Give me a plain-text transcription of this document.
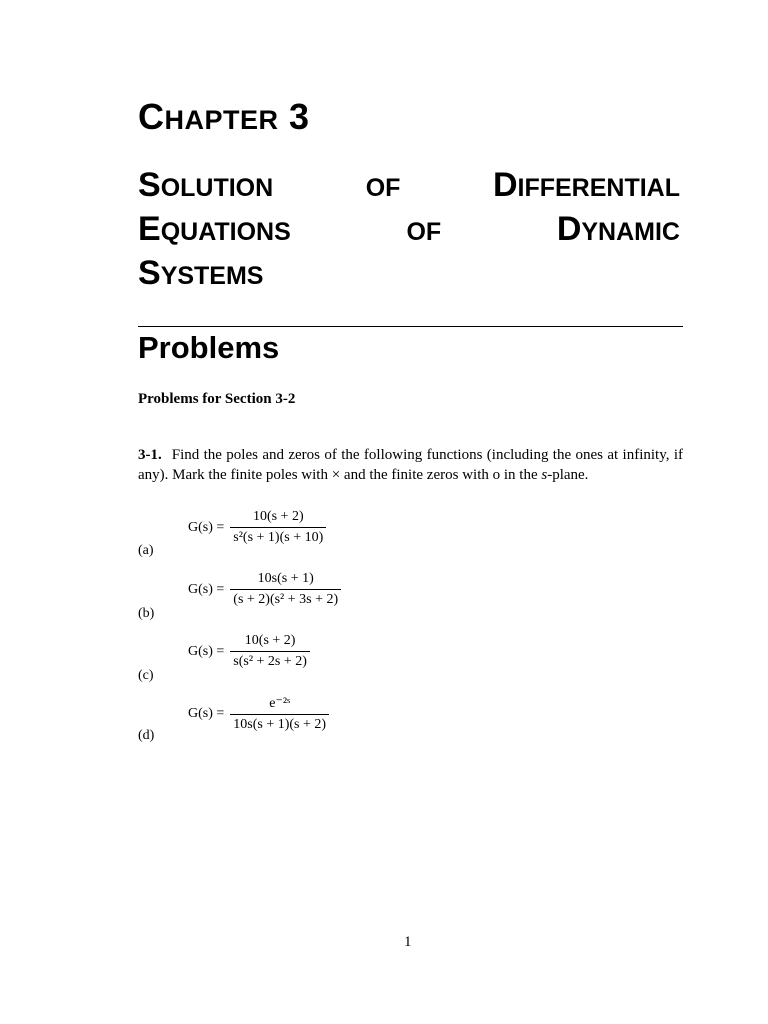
CHAPTER 3
SOLUTION	OF	DIFFERENTIAL
EQUATIONS	OF	DYNAMIC
SYSTEMS
Problems
Problems for Section 3-2
3-1. Find the poles and zeros of the following functions (including the ones at infinity, if any). Mark the finite poles with × and the finite zeros with o in the s-plane.
(a)
$G(s) = \frac{10(s + 2)}{\text{s²(s + 1)(s + 10)}}$
(b)
$G(s) = \frac{10s(s + 1)}{\text{(s + 2)(s² + 3s + 2)}}$
(c)
$G(s) = \frac{10(s + 2)}{\text{s(s² + 2s + 2)}}$
(d)
$G(s) = \frac{\text{e⁻²ˢ}}{10s(s + 1)(s + 2)}$
1
